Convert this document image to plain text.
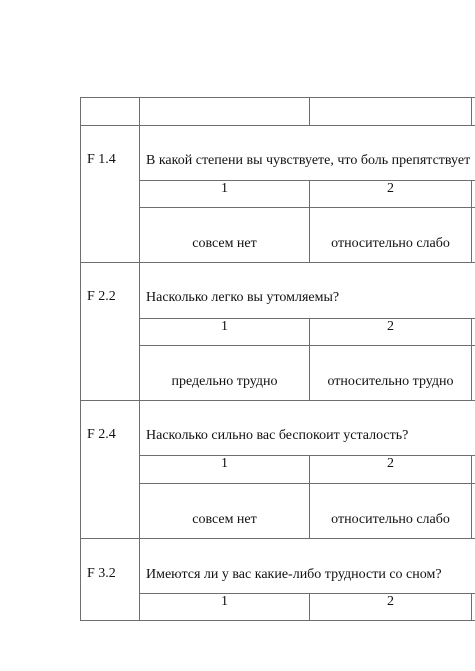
F 1.4 В какой степени вы чувствуете, что боль препятствует
1	2
совсем нет	относительно слабо
F 2.2 Насколько легко вы утомляемы?
1	2
предельно трудно	относительно трудно
F 2.4 Насколько сильно вас беспокоит усталость?
1	2
совсем нет	относительно слабо
F 3.2 Имеются ли у вас какие-либо трудности со сном?
1	2
